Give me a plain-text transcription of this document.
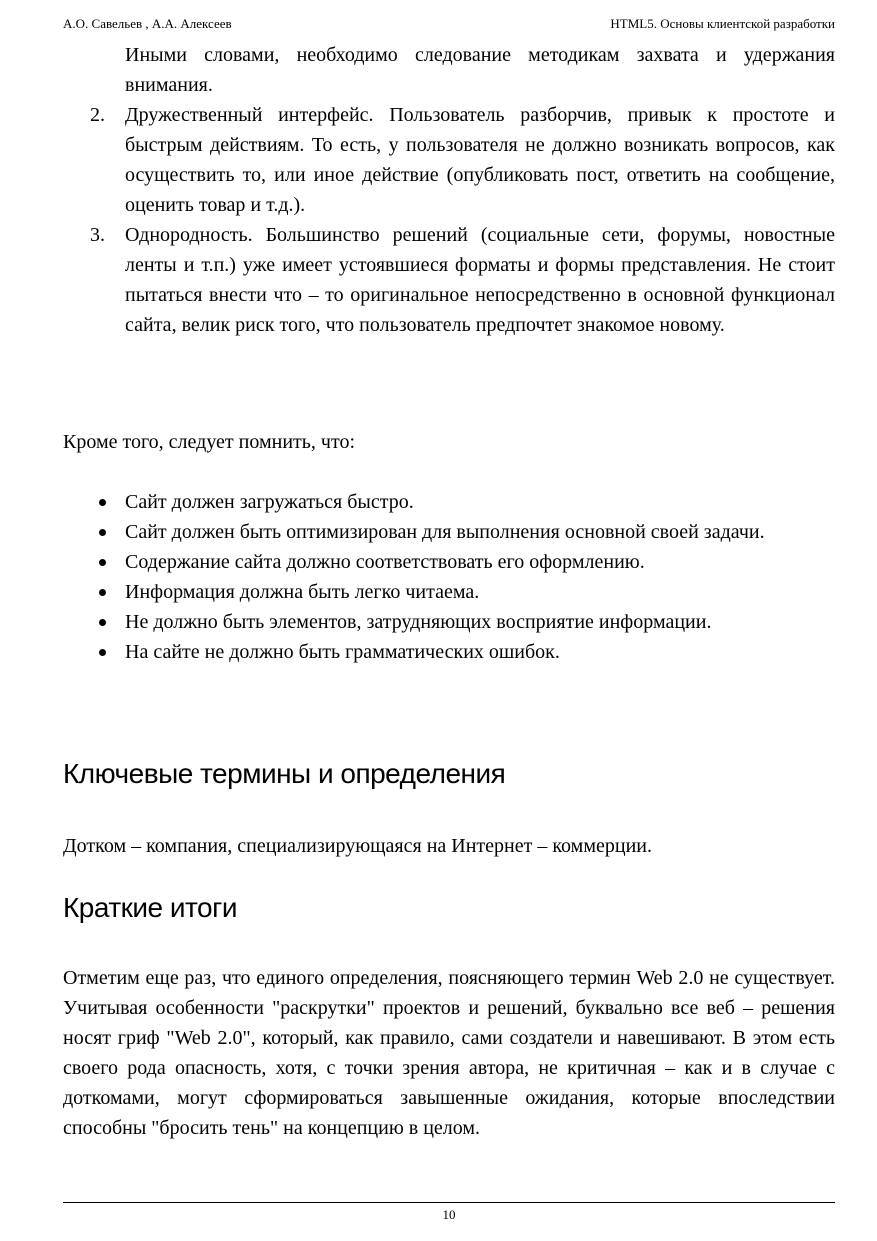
А.О. Савельев , А.А. Алексеев	HTML5. Основы клиентской разработки
Иными словами, необходимо следование методикам захвата и удержания внимания.
2. Дружественный интерфейс. Пользователь разборчив, привык к простоте и быстрым действиям. То есть, у пользователя не должно возникать вопросов, как осуществить то, или иное действие (опубликовать пост, ответить на сообщение, оценить товар и т.д.).
3. Однородность. Большинство решений (социальные сети, форумы, новостные ленты и т.п.) уже имеет устоявшиеся форматы и формы представления. Не стоит пытаться внести что – то оригинальное непосредственно в основной функционал сайта, велик риск того, что пользователь предпочтет знакомое новому.
Кроме того, следует помнить, что:
Сайт должен загружаться быстро.
Сайт должен быть оптимизирован для выполнения основной своей задачи.
Содержание сайта должно соответствовать его оформлению.
Информация должна быть легко читаема.
Не должно быть элементов, затрудняющих восприятие информации.
На сайте не должно быть грамматических ошибок.
Ключевые термины и определения
Дотком – компания, специализирующаяся на Интернет – коммерции.
Краткие итоги
Отметим еще раз, что единого определения, поясняющего термин Web 2.0 не существует. Учитывая особенности "раскрутки" проектов и решений, буквально все веб – решения носят гриф "Web 2.0", который, как правило, сами создатели и навешивают. В этом есть своего рода опасность, хотя, с точки зрения автора, не критичная – как и в случае с доткомами, могут сформироваться завышенные ожидания, которые впоследствии способны "бросить тень" на концепцию в целом.
10
